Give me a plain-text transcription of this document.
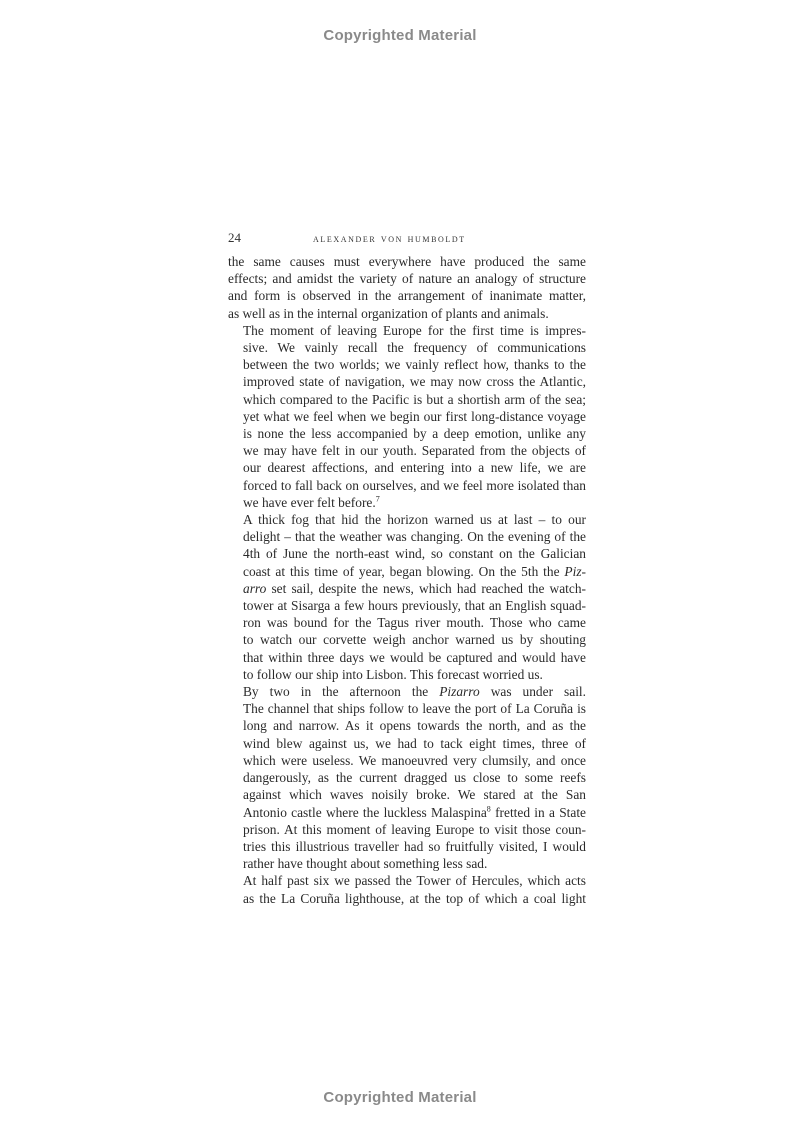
Copyrighted Material
24	alexander von humboldt

the same causes must everywhere have produced the same
effects; and amidst the variety of nature an analogy of structure
and form is observed in the arrangement of inanimate matter,
as well as in the internal organization of plants and animals.

The moment of leaving Europe for the first time is impres-
sive. We vainly recall the frequency of communications
between the two worlds; we vainly reflect how, thanks to the
improved state of navigation, we may now cross the Atlantic,
which compared to the Pacific is but a shortish arm of the sea;
yet what we feel when we begin our first long-distance voyage
is none the less accompanied by a deep emotion, unlike any
we may have felt in our youth. Separated from the objects of
our dearest affections, and entering into a new life, we are
forced to fall back on ourselves, and we feel more isolated than
we have ever felt before.$^7$

A thick fog that hid the horizon warned us at last – to our
delight – that the weather was changing. On the evening of the
4th of June the north-east wind, so constant on the Galician
coast at this time of year, began blowing. On the 5th the Piz-
arro set sail, despite the news, which had reached the watch-
tower at Sisarga a few hours previously, that an English squad-
ron was bound for the Tagus river mouth. Those who came
to watch our corvette weigh anchor warned us by shouting
that within three days we would be captured and would have
to follow our ship into Lisbon. This forecast worried us.

By two in the afternoon the Pizarro was under sail.
The channel that ships follow to leave the port of La Coruña is
long and narrow. As it opens towards the north, and as the
wind blew against us, we had to tack eight times, three of
which were useless. We manoeuvred very clumsily, and once
dangerously, as the current dragged us close to some reefs
against which waves noisily broke. We stared at the San
Antonio castle where the luckless Malaspina$^8$ fretted in a State
prison. At this moment of leaving Europe to visit those coun-
tries this illustrious traveller had so fruitfully visited, I would
rather have thought about something less sad.

At half past six we passed the Tower of Hercules, which acts
as the La Coruña lighthouse, at the top of which a coal light

Copyrighted Material
